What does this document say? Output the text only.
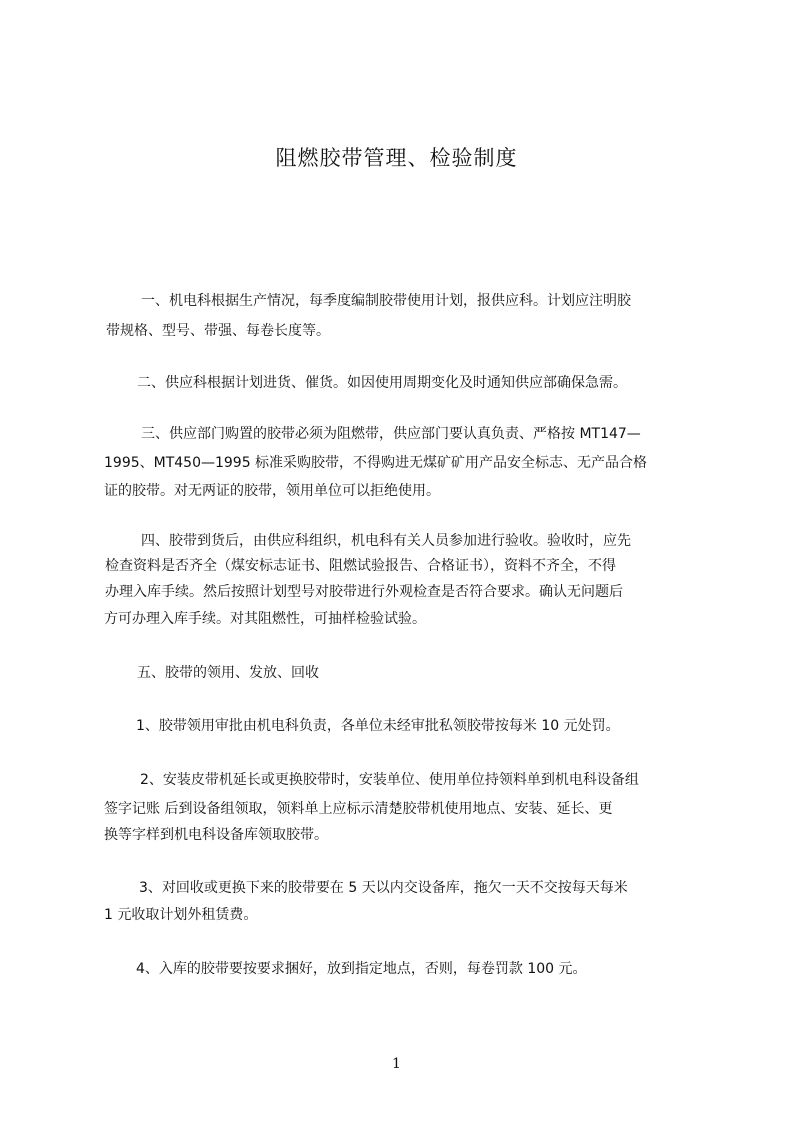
阻燃胶带管理、检验制度

一、机电科根据生产情况，每季度编制胶带使用计划，报供应科。计划应注明胶

带规格、型号、带强、每卷长度等。

二、供应科根据计划进货、催货。如因使用周期变化及时通知供应部确保急需。

三、供应部门购置的胶带必须为阻燃带，供应部门要认真负责、严格按 MT147—

1995、MT450—1995 标准采购胶带，不得购进无煤矿矿用产品安全标志、无产品合格

证的胶带。对无两证的胶带，领用单位可以拒绝使用。

四、胶带到货后，由供应科组织，机电科有关人员参加进行验收。验收时，应先

检查资料是否齐全（煤安标志证书、阻燃试验报告、合格证书），资料不齐全，不得

办理入库手续。然后按照计划型号对胶带进行外观检查是否符合要求。确认无问题后

方可办理入库手续。对其阻燃性，可抽样检验试验。

五、胶带的领用、发放、回收

1、胶带领用审批由机电科负责，各单位未经审批私领胶带按每米 10 元处罚。

2、安装皮带机延长或更换胶带时，安装单位、使用单位持领料单到机电科设备组

签字记账 后到设备组领取，领料单上应标示清楚胶带机使用地点、安装、延长、更

换等字样到机电科设备库领取胶带。

3、对回收或更换下来的胶带要在 5 天以内交设备库，拖欠一天不交按每天每米

1 元收取计划外租赁费。

4、入库的胶带要按要求捆好，放到指定地点，否则，每卷罚款 100 元。

1
